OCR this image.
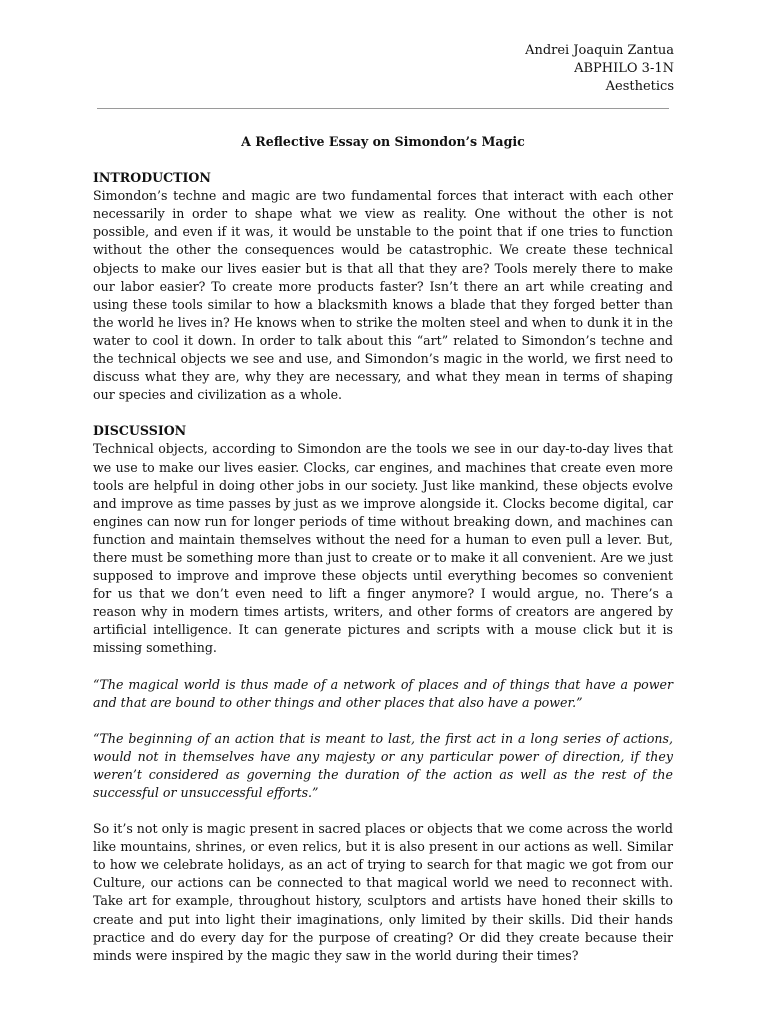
Andrei Joaquin Zantua
ABPHILO 3-1N
Aesthetics

A Reflective Essay on Simondon’s Magic

INTRODUCTION

Simondon’s techne and magic are two fundamental forces that interact with each other necessarily in order to shape what we view as reality. One without the other is not possible, and even if it was, it would be unstable to the point that if one tries to function without the other the consequences would be catastrophic. We create these technical objects to make our lives easier but is that all that they are? Tools merely there to make our labor easier? To create more products faster? Isn’t there an art while creating and using these tools similar to how a blacksmith knows a blade that they forged better than the world he lives in? He knows when to strike the molten steel and when to dunk it in the water to cool it down. In order to talk about this “art” related to Simondon’s techne and the technical objects we see and use, and Simondon’s magic in the world, we first need to discuss what they are, why they are necessary, and what they mean in terms of shaping our species and civilization as a whole.

DISCUSSION

Technical objects, according to Simondon are the tools we see in our day-to-day lives that we use to make our lives easier. Clocks, car engines, and machines that create even more tools are helpful in doing other jobs in our society. Just like mankind, these objects evolve and improve as time passes by just as we improve alongside it. Clocks become digital, car engines can now run for longer periods of time without breaking down, and machines can function and maintain themselves without the need for a human to even pull a lever. But, there must be something more than just to create or to make it all convenient. Are we just supposed to improve and improve these objects until everything becomes so convenient for us that we don’t even need to lift a finger anymore? I would argue, no. There’s a reason why in modern times artists, writers, and other forms of creators are angered by artificial intelligence. It can generate pictures and scripts with a mouse click but it is missing something.

“The magical world is thus made of a network of places and of things that have a power and that are bound to other things and other places that also have a power.”

“The beginning of an action that is meant to last, the first act in a long series of actions, would not in themselves have any majesty or any particular power of direction, if they weren’t considered as governing the duration of the action as well as the rest of the successful or unsuccessful efforts.”

So it’s not only is magic present in sacred places or objects that we come across the world like mountains, shrines, or even relics, but it is also present in our actions as well. Similar to how we celebrate holidays, as an act of trying to search for that magic we got from our Culture, our actions can be connected to that magical world we need to reconnect with. Take art for example, throughout history, sculptors and artists have honed their skills to create and put into light their imaginations, only limited by their skills. Did their hands practice and do every day for the purpose of creating? Or did they create because their minds were inspired by the magic they saw in the world during their times?
